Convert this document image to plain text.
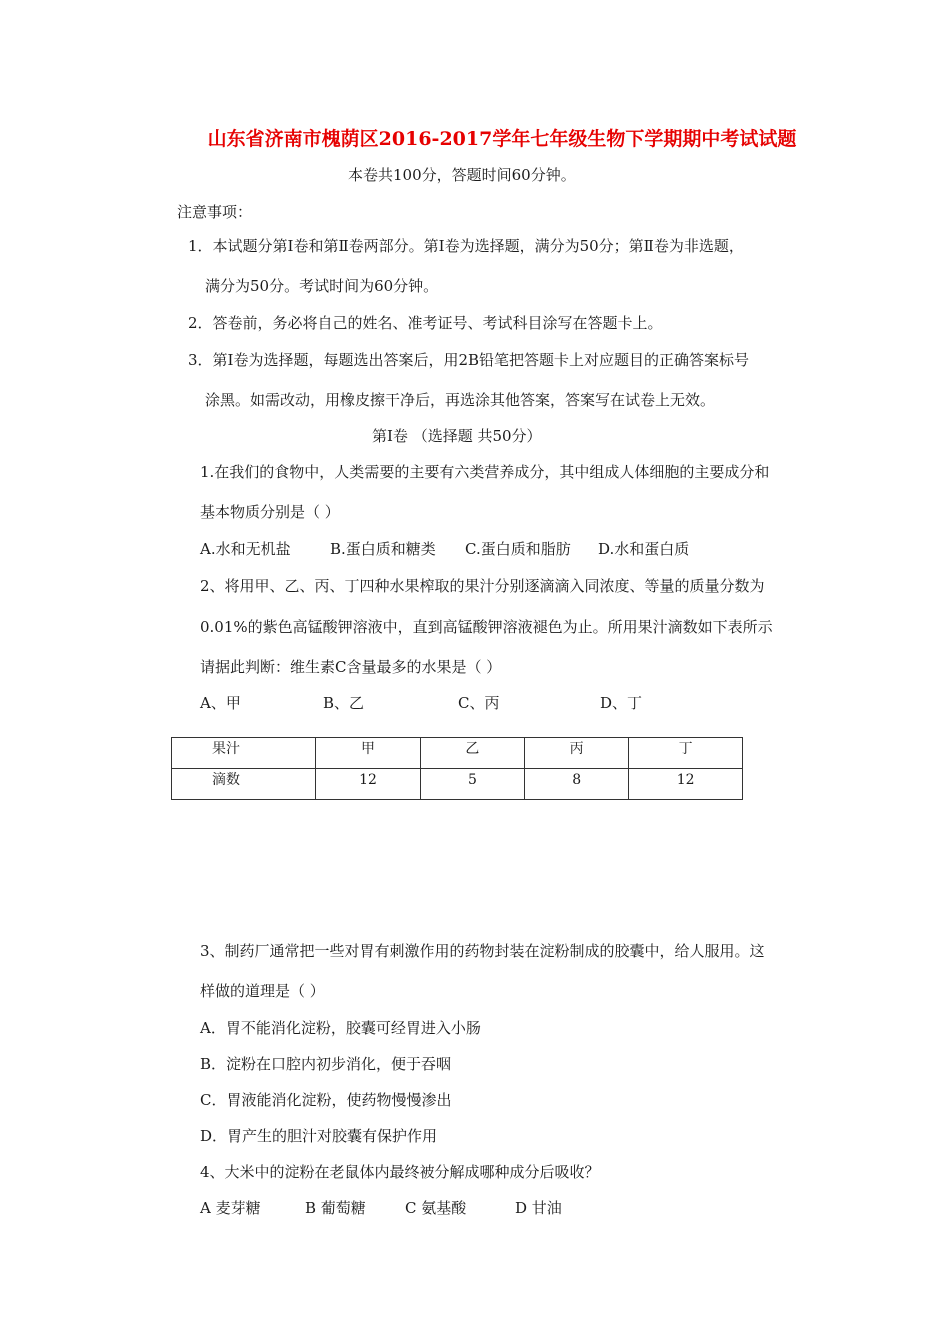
山东省济南市槐荫区2016-2017学年七年级生物下学期期中考试试题
本卷共100分，答题时间60分钟。
注意事项：
1．本试题分第Ⅰ卷和第Ⅱ卷两部分。第Ⅰ卷为选择题，满分为50分；第Ⅱ卷为非选题，
满分为50分。考试时间为60分钟。
2．答卷前，务必将自己的姓名、准考证号、考试科目涂写在答题卡上。
3．第Ⅰ卷为选择题，每题选出答案后，用2B铅笔把答题卡上对应题目的正确答案标号
涂黑。如需改动，用橡皮擦干净后，再选涂其他答案，答案写在试卷上无效。
第Ⅰ卷 （选择题 共50分）
1.在我们的食物中，人类需要的主要有六类营养成分，其中组成人体细胞的主要成分和
基本物质分别是（ ）
A.水和无机盐	B.蛋白质和糖类 C.蛋白质和脂肪 D.水和蛋白质
2、将用甲、乙、丙、丁四种水果榨取的果汁分别逐滴滴入同浓度、等量的质量分数为
0.01%的紫色高锰酸钾溶液中，直到高锰酸钾溶液褪色为止。所用果汁滴数如下表所示
请据此判断：维生素C含量最多的水果是（ ）
A、甲	B、乙	C、丙	D、丁
果汁	甲	乙	丙	丁
滴数	12	5	8	12
3、制药厂通常把一些对胃有刺激作用的药物封装在淀粉制成的胶囊中，给人服用。这
样做的道理是（ ）
A．胃不能消化淀粉，胶囊可经胃进入小肠
B．淀粉在口腔内初步消化，便于吞咽
C．胃液能消化淀粉，使药物慢慢渗出
D．胃产生的胆汁对胶囊有保护作用
4、大米中的淀粉在老鼠体内最终被分解成哪种成分后吸收？
A 麦芽糖	B 葡萄糖	C 氨基酸	D 甘油
